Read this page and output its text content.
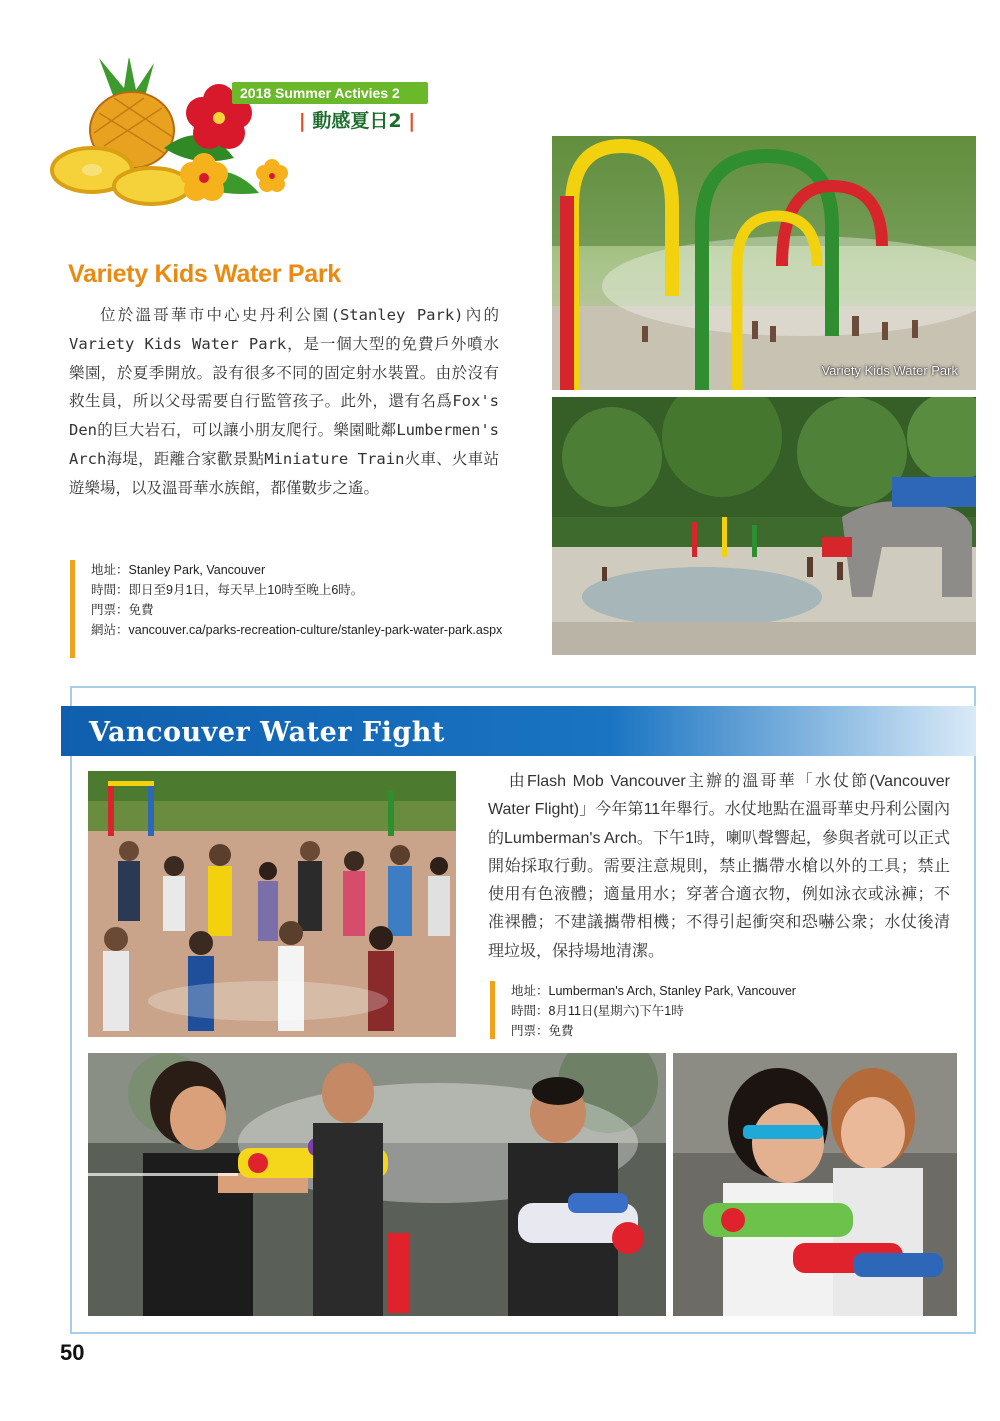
2018 Summer Activies 2
| 動感夏日2 |
Variety Kids Water Park

位於溫哥華市中心史丹利公園(Stanley Park)內的Variety Kids Water Park，是一個大型的免費戶外噴水樂園，於夏季開放。設有很多不同的固定射水裝置。由於沒有救生員，所以父母需要自行監管孩子。此外，還有名爲Fox's Den的巨大岩石，可以讓小朋友爬行。樂園毗鄰Lumbermen's Arch海堤，距離合家歡景點Miniature Train火車、火車站遊樂場，以及溫哥華水族館，都僅數步之遙。

地址： Stanley Park, Vancouver
時間： 即日至9月1日，每天早上10時至晚上6時。
門票： 免費
網站： vancouver.ca/parks-recreation-culture/stanley-park-water-park.aspx
Variety Kids Water Park
Vancouver Water Fight

由Flash Mob Vancouver主辦的溫哥華「水仗節(Vancouver Water Flight)」今年第11年舉行。水仗地點在溫哥華史丹利公園內的Lumberman's Arch。下午1時，喇叭聲響起，參與者就可以正式開始採取行動。需要注意規則，禁止攜帶水槍以外的工具；禁止使用有色液體；適量用水；穿著合適衣物，例如泳衣或泳褲；不准裸體；不建議攜帶相機；不得引起衝突和恐嚇公衆；水仗後清理垃圾，保持場地清潔。

地址： Lumberman's Arch, Stanley Park, Vancouver
時間： 8月11日(星期六)下午1時
門票： 免費
50
